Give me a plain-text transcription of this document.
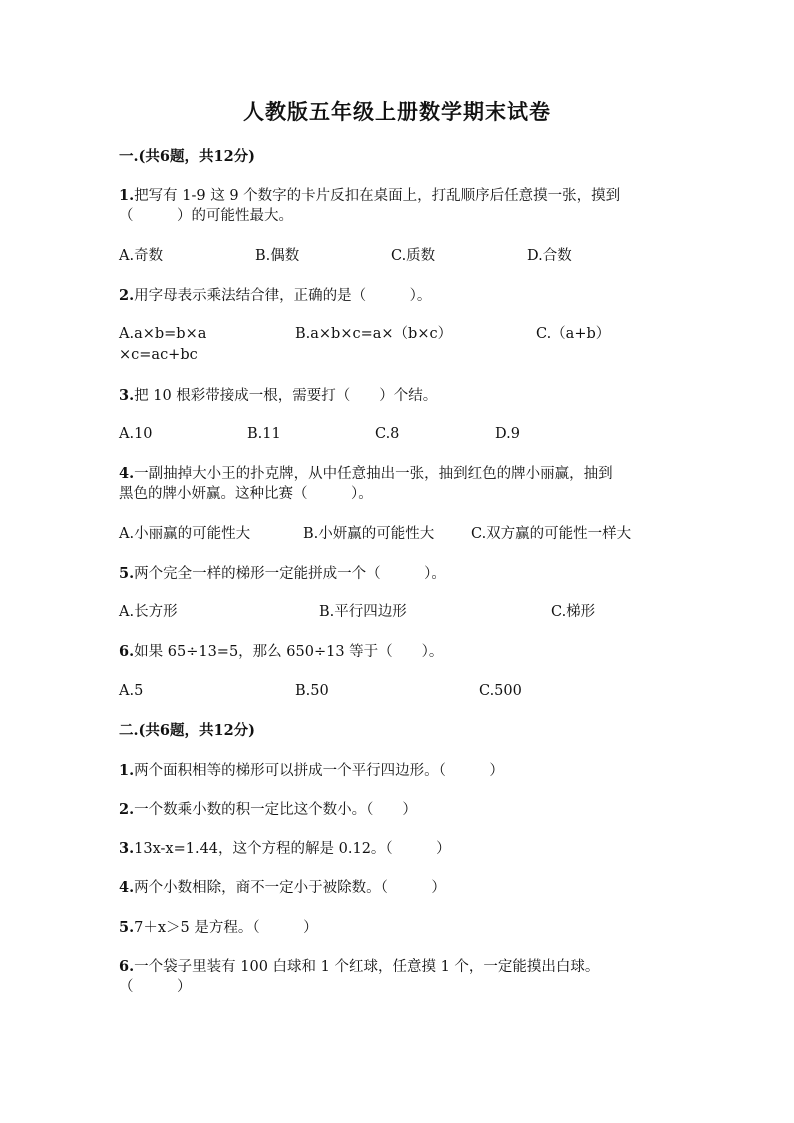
人教版五年级上册数学期末试卷
一.(共6题，共12分)
1.把写有 1-9 这 9 个数字的卡片反扣在桌面上，打乱顺序后任意摸一张，摸到
（　　　）的可能性最大。
A.奇数	B.偶数	C.质数	D.合数
2.用字母表示乘法结合律，正确的是（　　　）。
A.a×b=b×a	B.a×b×c=a×（b×c）	C.（a+b）
×c=ac+bc
3.把 10 根彩带接成一根，需要打（　　）个结。
A.10	B.11	C.8	D.9
4.一副抽掉大小王的扑克牌，从中任意抽出一张，抽到红色的牌小丽赢，抽到
黑色的牌小妍赢。这种比赛（　　　）。
A.小丽赢的可能性大	B.小妍赢的可能性大	C.双方赢的可能性一样大
5.两个完全一样的梯形一定能拼成一个（　　　）。
A.长方形	B.平行四边形	C.梯形
6.如果 65÷13=5，那么 650÷13 等于（　　）。
A.5	B.50	C.500
二.(共6题，共12分)
1.两个面积相等的梯形可以拼成一个平行四边形。（　　　）
2.一个数乘小数的积一定比这个数小。（　　）
3.13x-x=1.44，这个方程的解是 0.12。（　　　）
4.两个小数相除，商不一定小于被除数。（　　　）
5.7＋x＞5 是方程。（　　　）
6.一个袋子里装有 100 白球和 1 个红球，任意摸 1 个，一定能摸出白球。
（　　　）
